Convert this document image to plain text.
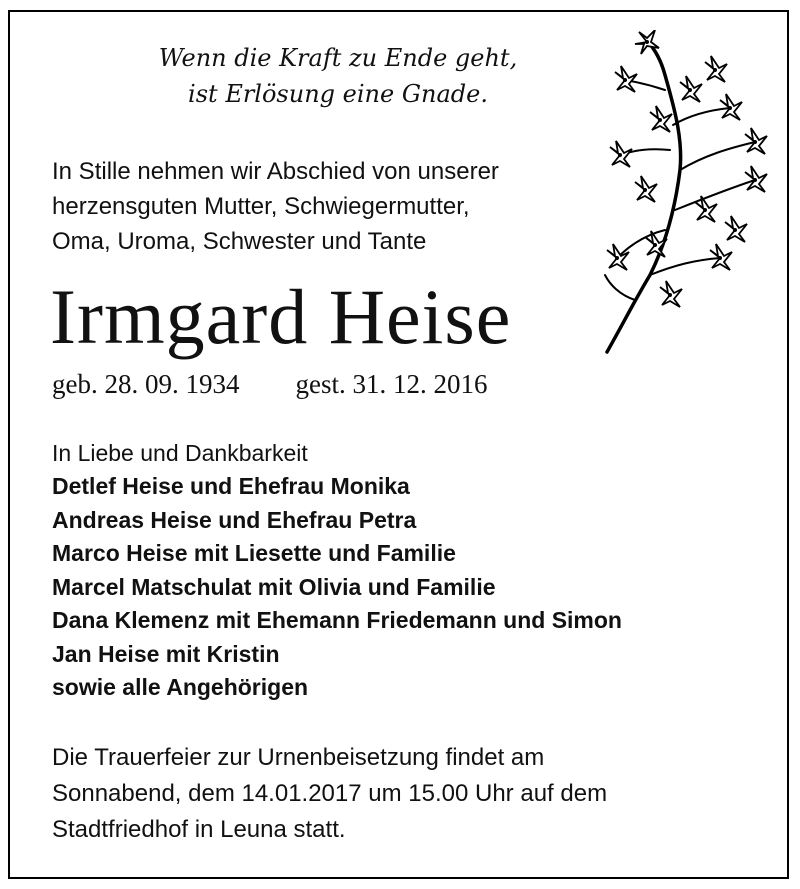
Wenn die Kraft zu Ende geht,
ist Erlösung eine Gnade.
In Stille nehmen wir Abschied von unserer
herzensguten Mutter, Schwiegermutter,
Oma, Uroma, Schwester und Tante
Irmgard Heise
geb. 28. 09. 1934 gest. 31. 12. 2016
In Liebe und Dankbarkeit
Detlef Heise und Ehefrau Monika
Andreas Heise und Ehefrau Petra
Marco Heise mit Liesette und Familie
Marcel Matschulat mit Olivia und Familie
Dana Klemenz mit Ehemann Friedemann und Simon
Jan Heise mit Kristin
sowie alle Angehörigen
Die Trauerfeier zur Urnenbeisetzung findet am
Sonnabend, dem 14.01.2017 um 15.00 Uhr auf dem
Stadtfriedhof in Leuna statt.
